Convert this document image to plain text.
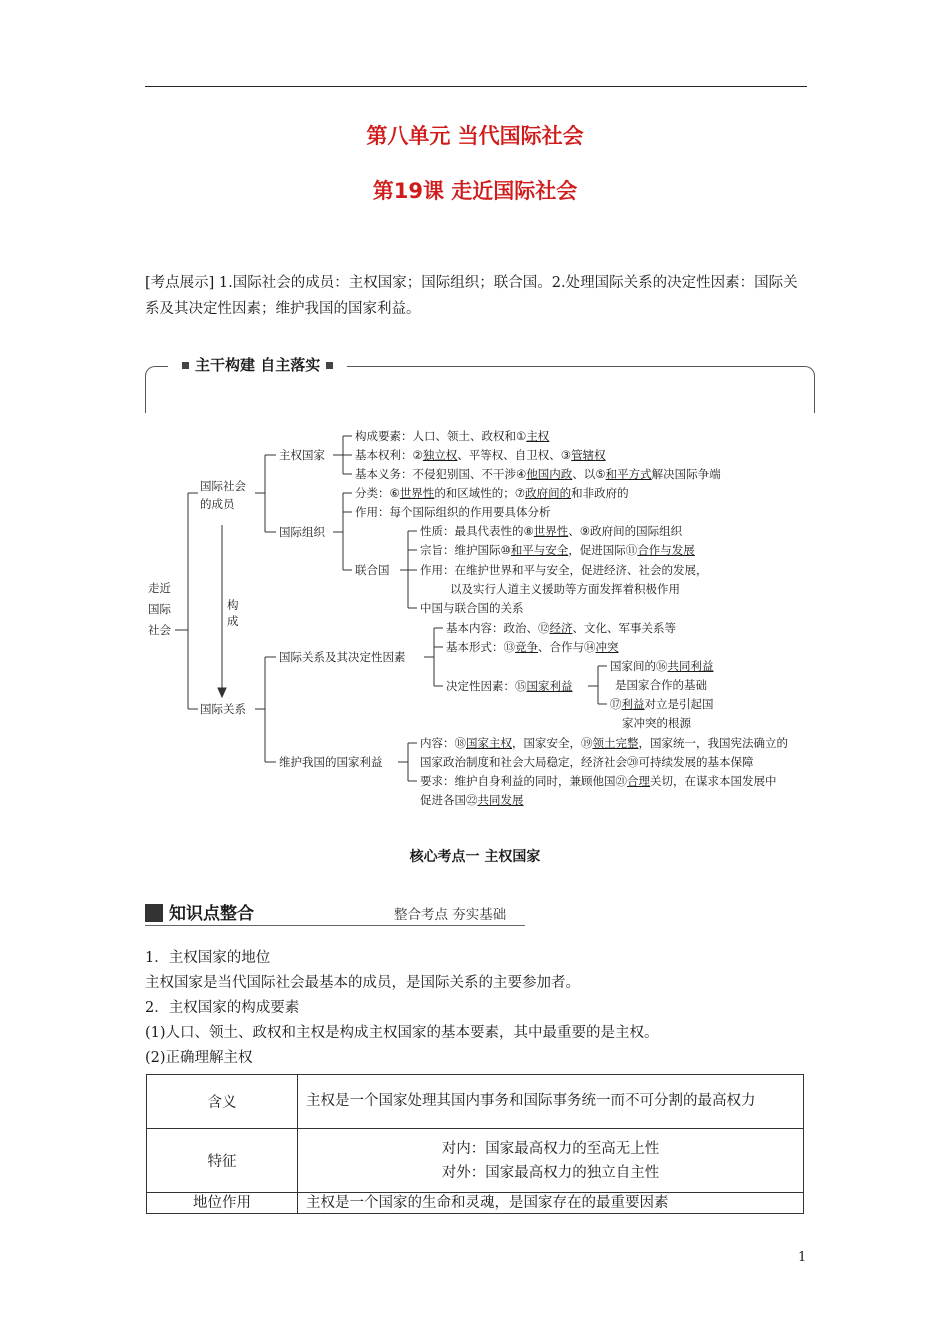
第八单元 当代国际社会
第19课 走近国际社会
[考点展示] 1.国际社会的成员：主权国家；国际组织；联合国。2.处理国际关系的决定性因素：国际关系及其决定性因素；维护我国的国家利益。
主干构建 自主落实
走近
国际
社会
国际社会
的成员
构
成
国际关系
主权国家
构成要素：人口、领土、政权和①主权
基本权利：②独立权、平等权、自卫权、③管辖权
基本义务：不侵犯别国、不干涉④他国内政、以⑤和平方式解决国际争端
国际组织
分类：⑥世界性的和区域性的；⑦政府间的和非政府的
作用：每个国际组织的作用要具体分析
联合国
性质：最具代表性的⑧世界性、⑨政府间的国际组织
宗旨：维护国际⑩和平与安全，促进国际⑪合作与发展
作用：在维护世界和平与安全，促进经济、社会的发展，
以及实行人道主义援助等方面发挥着积极作用
中国与联合国的关系
国际关系及其决定性因素
基本内容：政治、⑫经济、文化、军事关系等
基本形式：⑬竞争、合作与⑭冲突
决定性因素：⑮国家利益
国家间的⑯共同利益
是国家合作的基础
⑰利益对立是引起国
家冲突的根源
维护我国的国家利益
内容：⑱国家主权，国家安全，⑲领土完整，国家统一，我国宪法确立的
国家政治制度和社会大局稳定，经济社会⑳可持续发展的基本保障
要求：维护自身利益的同时，兼顾他国㉑合理关切，在谋求本国发展中
促进各国㉒共同发展
核心考点一 主权国家
知识点整合	整合考点 夯实基础
1．主权国家的地位
主权国家是当代国际社会最基本的成员，是国际关系的主要参加者。
2．主权国家的构成要素
(1)人口、领土、政权和主权是构成主权国家的基本要素，其中最重要的是主权。
(2)正确理解主权
含义	主权是一个国家处理其国内事务和国际事务统一而不可分割的最高权力
特征	对内：国家最高权力的至高无上性
对外：国家最高权力的独立自主性

地位作用	主权是一个国家的生命和灵魂，是国家存在的最重要因素
1
